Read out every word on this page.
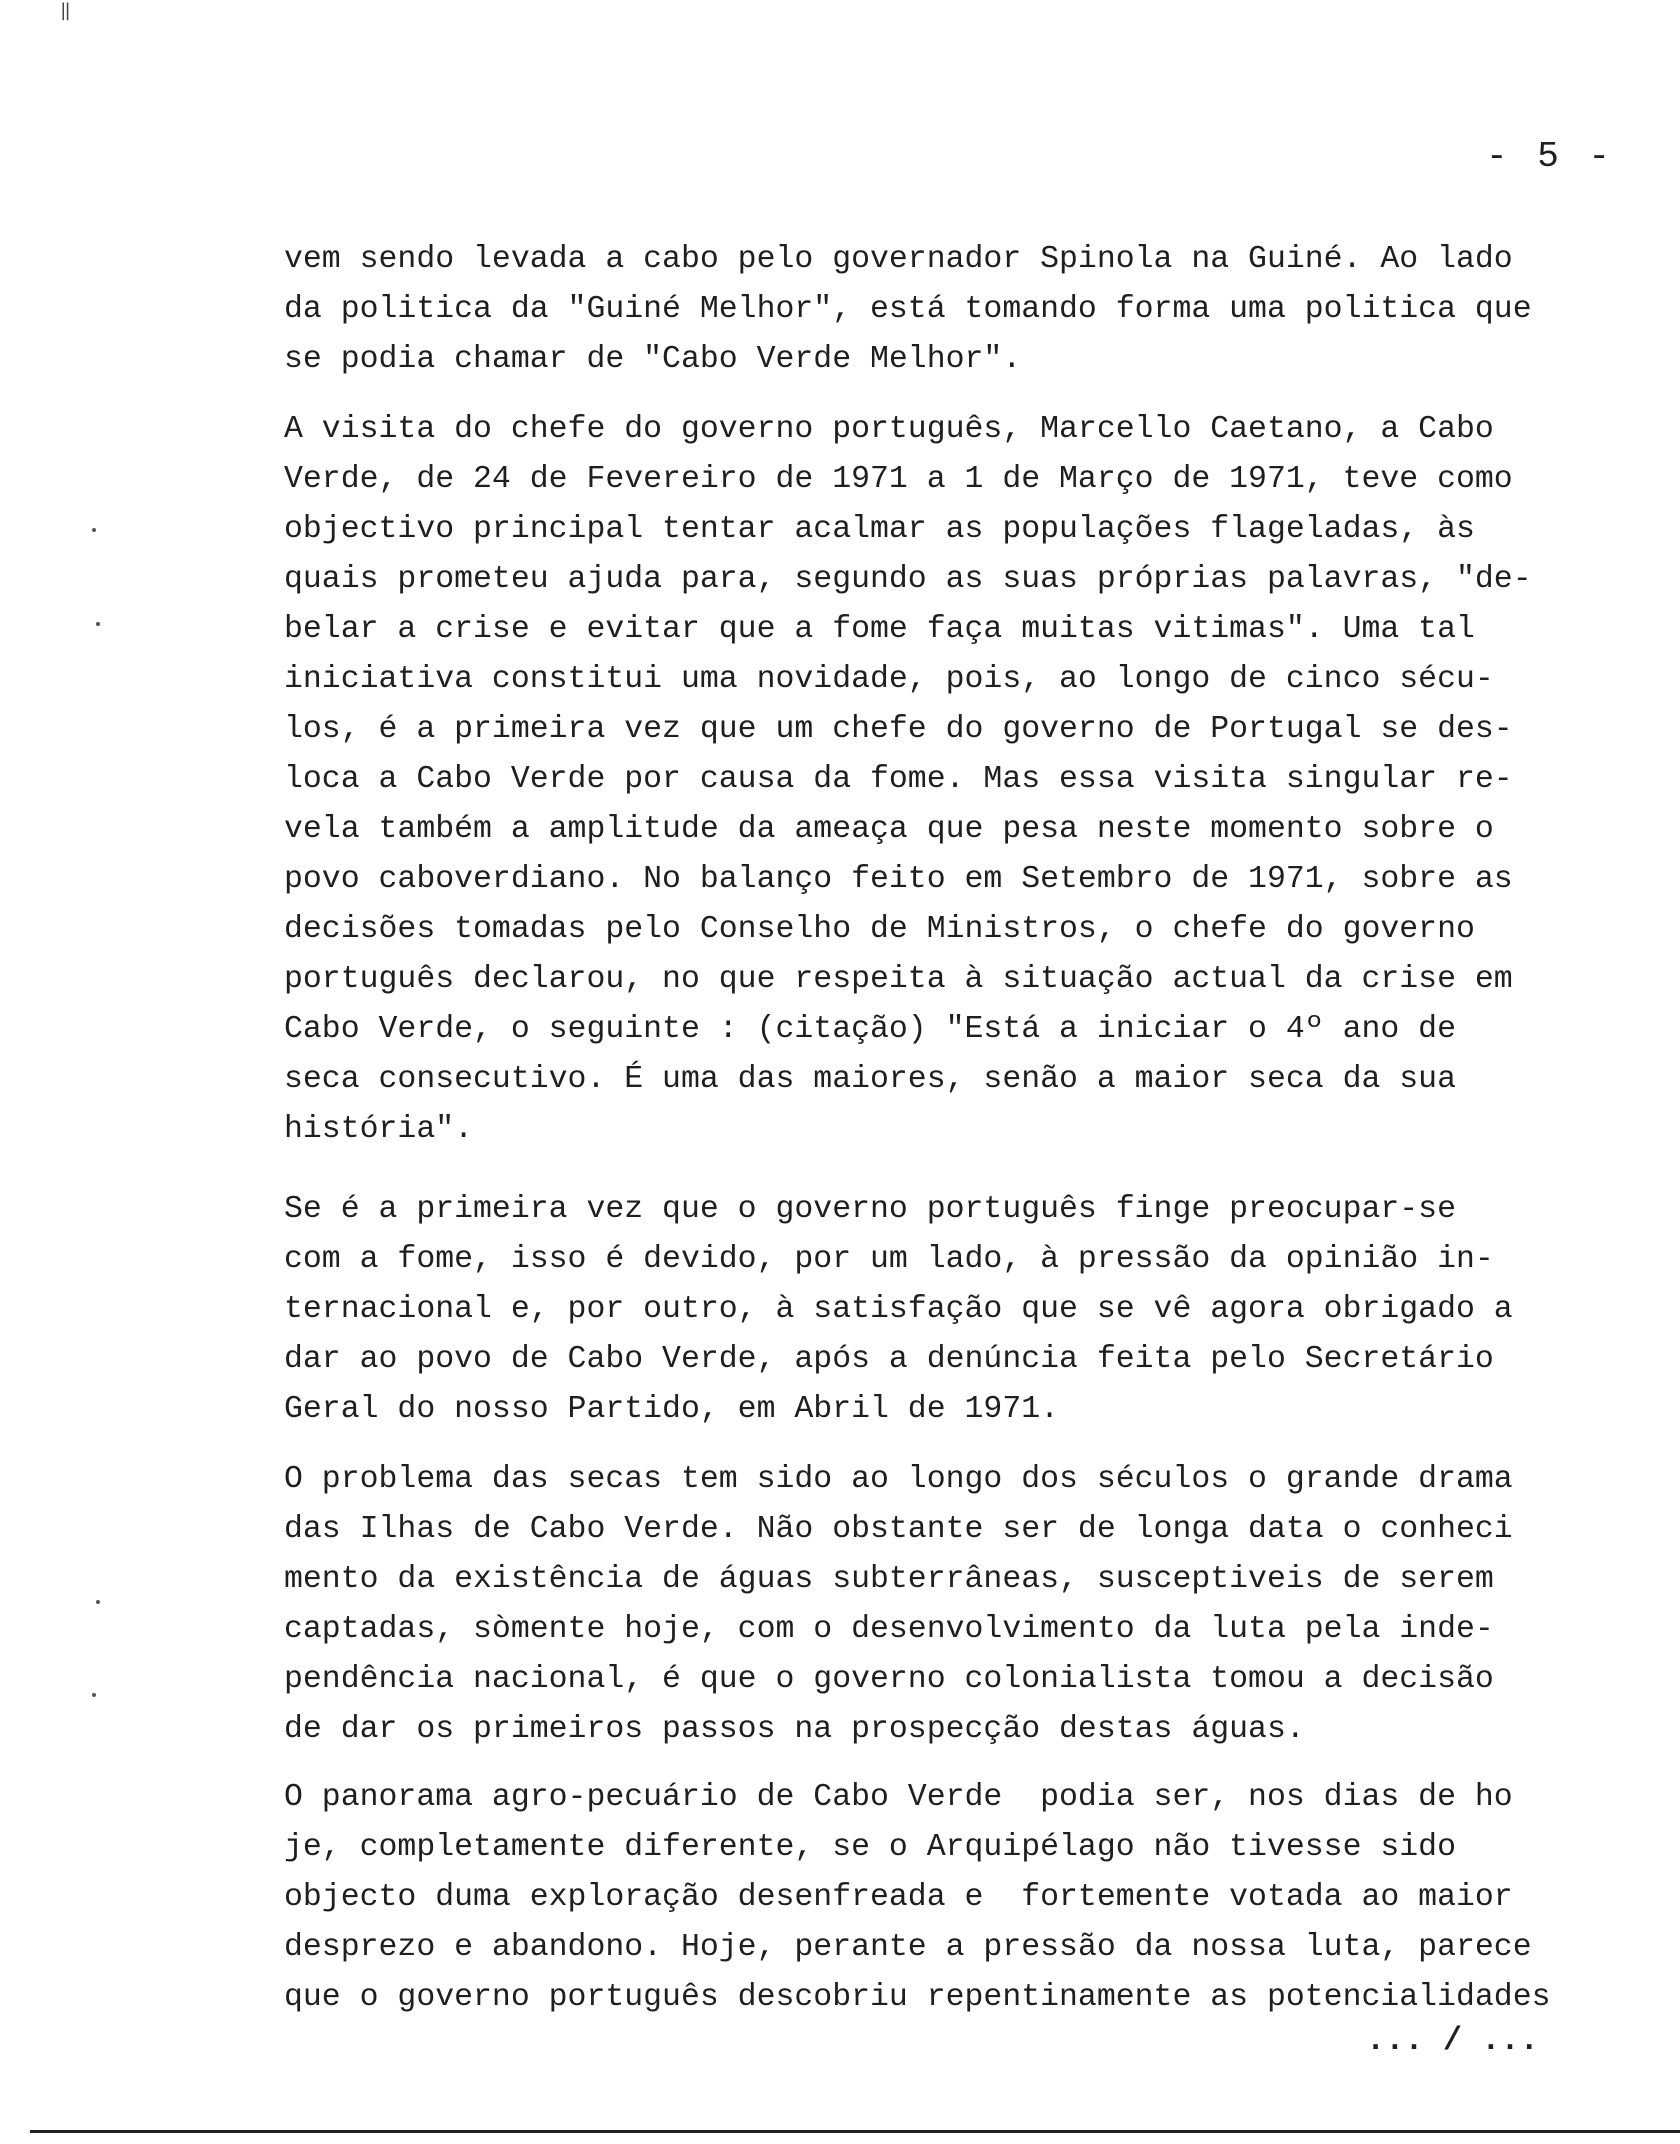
‖
- 5 -
vem sendo levada a cabo pelo governador Spinola na Guiné. Ao lado
da politica da "Guiné Melhor", está tomando forma uma politica que
se podia chamar de "Cabo Verde Melhor".
A visita do chefe do governo português, Marcello Caetano, a Cabo
Verde, de 24 de Fevereiro de 1971 a 1 de Março de 1971, teve como
objectivo principal tentar acalmar as populações flageladas, às
quais prometeu ajuda para, segundo as suas próprias palavras, "de-
belar a crise e evitar que a fome faça muitas vitimas". Uma tal
iniciativa constitui uma novidade, pois, ao longo de cinco sécu-
los, é a primeira vez que um chefe do governo de Portugal se des-
loca a Cabo Verde por causa da fome. Mas essa visita singular re-
vela também a amplitude da ameaça que pesa neste momento sobre o
povo caboverdiano. No balanço feito em Setembro de 1971, sobre as
decisões tomadas pelo Conselho de Ministros, o chefe do governo
português declarou, no que respeita à situação actual da crise em
Cabo Verde, o seguinte : (citação) "Está a iniciar o 4º ano de
seca consecutivo. É uma das maiores, senão a maior seca da sua
história".
Se é a primeira vez que o governo português finge preocupar-se
com a fome, isso é devido, por um lado, à pressão da opinião in-
ternacional e, por outro, à satisfação que se vê agora obrigado a
dar ao povo de Cabo Verde, após a denúncia feita pelo Secretário
Geral do nosso Partido, em Abril de 1971.
O problema das secas tem sido ao longo dos séculos o grande drama
das Ilhas de Cabo Verde. Não obstante ser de longa data o conheci
mento da existência de águas subterrâneas, susceptiveis de serem
captadas, sòmente hoje, com o desenvolvimento da luta pela inde-
pendência nacional, é que o governo colonialista tomou a decisão
de dar os primeiros passos na prospecção destas águas.
O panorama agro-pecuário de Cabo Verde  podia ser, nos dias de ho
je, completamente diferente, se o Arquipélago não tivesse sido
objecto duma exploração desenfreada e  fortemente votada ao maior
desprezo e abandono. Hoje, perante a pressão da nossa luta, parece
que o governo português descobriu repentinamente as potencialidades
... / ...
